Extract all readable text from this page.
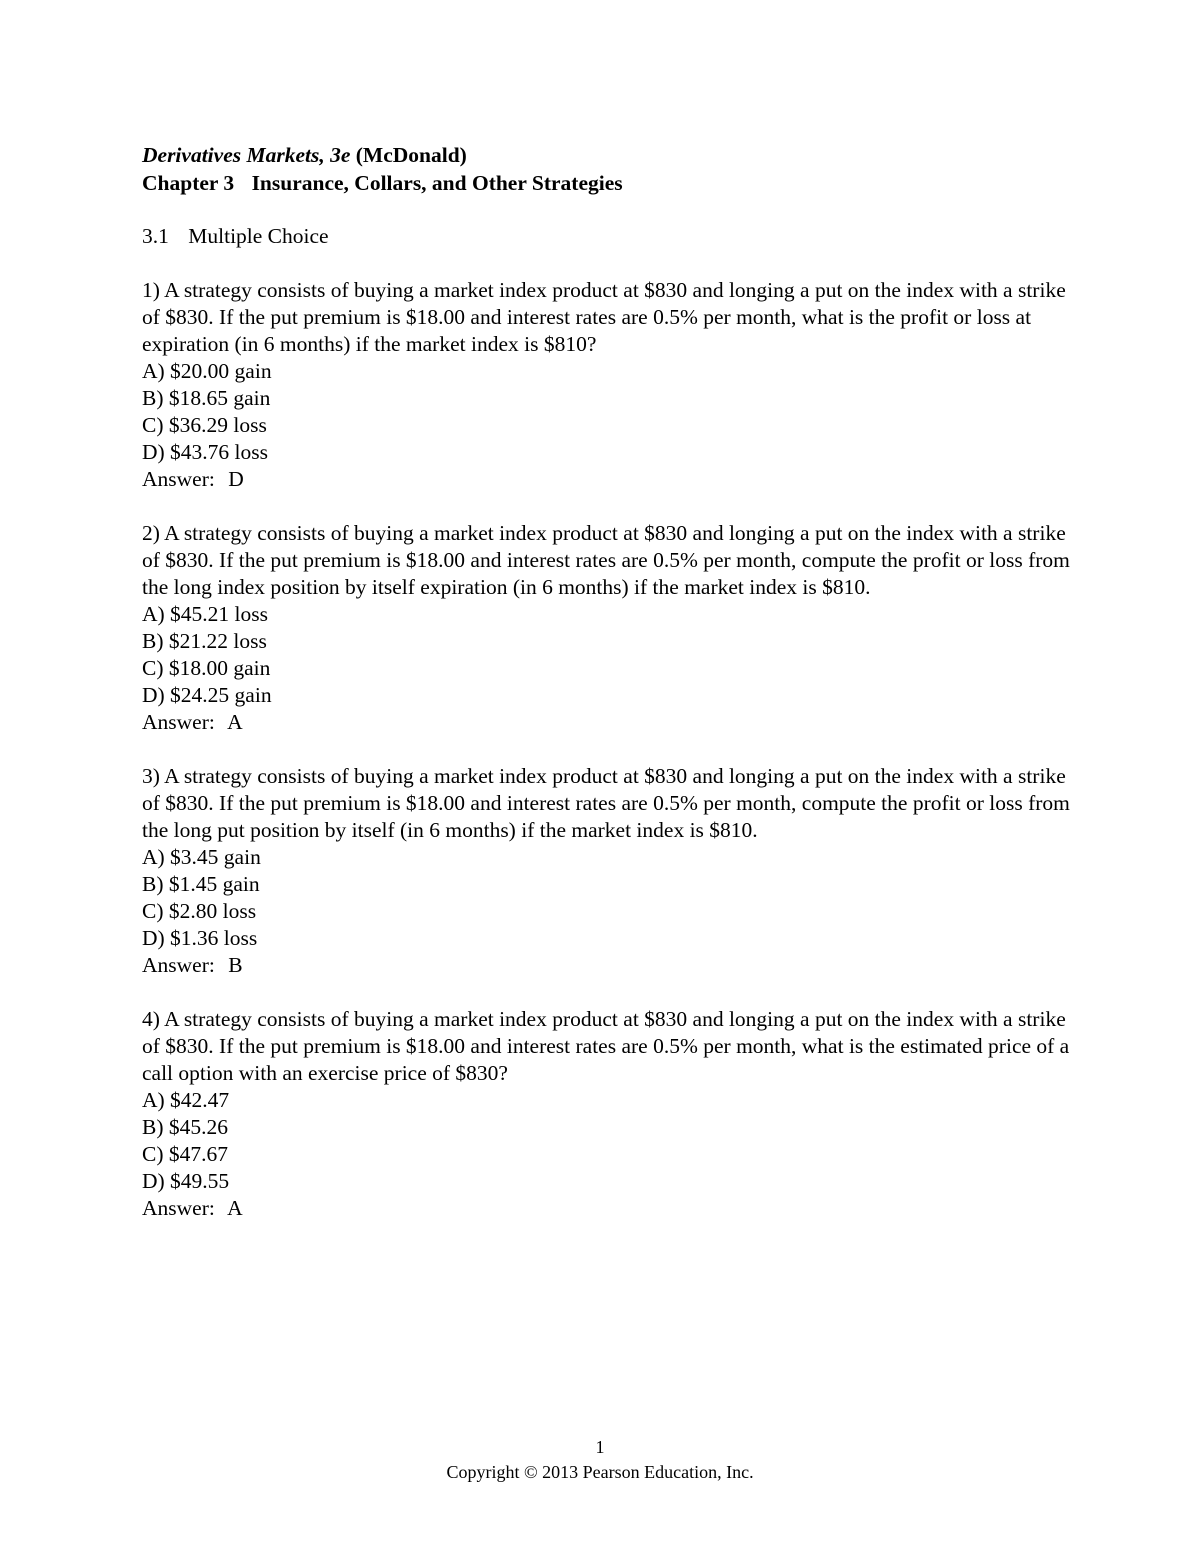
Derivatives Markets, 3e (McDonald)
Chapter 3 Insurance, Collars, and Other Strategies
3.1 Multiple Choice
1) A strategy consists of buying a market index product at $830 and longing a put on the index with a strike of $830. If the put premium is $18.00 and interest rates are 0.5% per month, what is the profit or loss at expiration (in 6 months) if the market index is $810?
A) $20.00 gain
B) $18.65 gain
C) $36.29 loss
D) $43.76 loss
Answer: D
2) A strategy consists of buying a market index product at $830 and longing a put on the index with a strike of $830. If the put premium is $18.00 and interest rates are 0.5% per month, compute the profit or loss from the long index position by itself expiration (in 6 months) if the market index is $810.
A) $45.21 loss
B) $21.22 loss
C) $18.00 gain
D) $24.25 gain
Answer: A
3) A strategy consists of buying a market index product at $830 and longing a put on the index with a strike of $830. If the put premium is $18.00 and interest rates are 0.5% per month, compute the profit or loss from the long put position by itself (in 6 months) if the market index is $810.
A) $3.45 gain
B) $1.45 gain
C) $2.80 loss
D) $1.36 loss
Answer: B
4) A strategy consists of buying a market index product at $830 and longing a put on the index with a strike of $830. If the put premium is $18.00 and interest rates are 0.5% per month, what is the estimated price of a call option with an exercise price of $830?
A) $42.47
B) $45.26
C) $47.67
D) $49.55
Answer: A
1
Copyright © 2013 Pearson Education, Inc.
